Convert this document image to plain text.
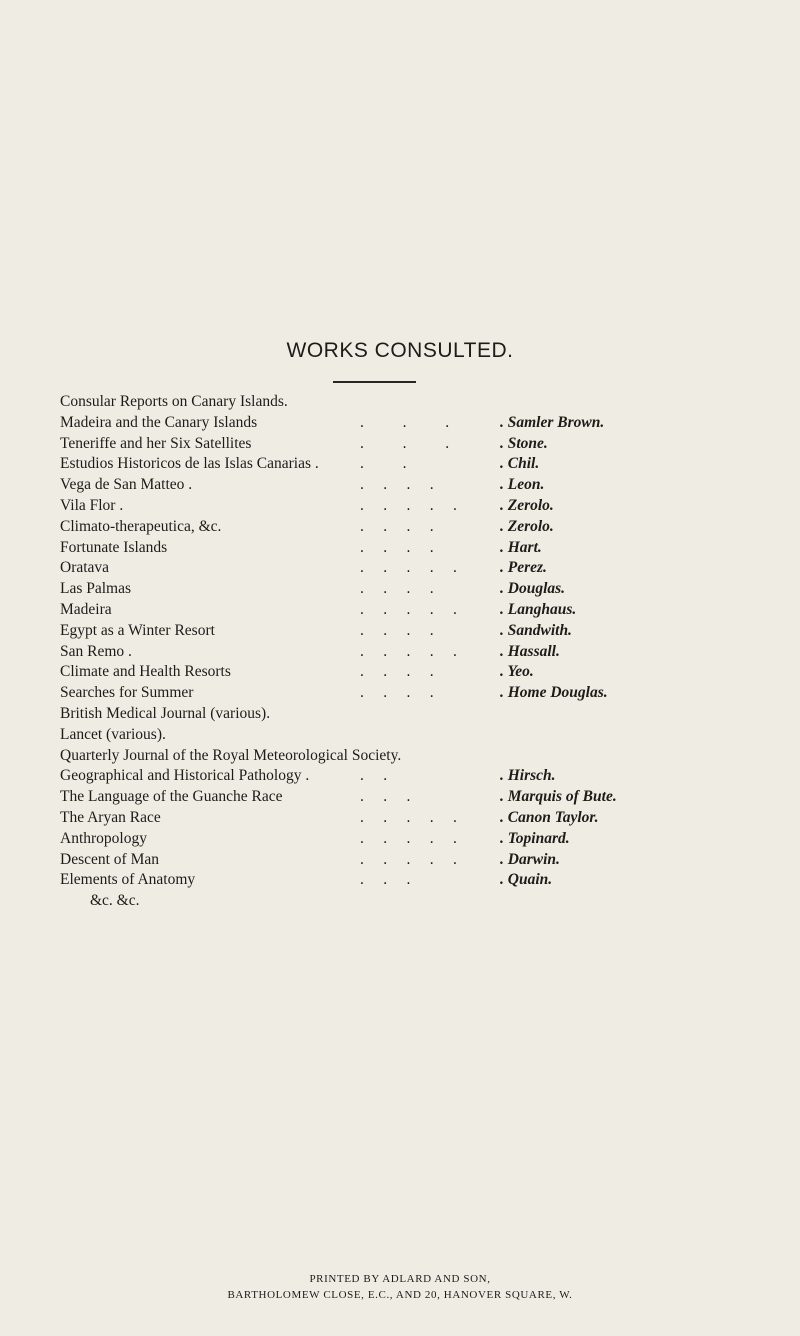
WORKS CONSULTED.
Consular Reports on Canary Islands.
Madeira and the Canary Islands	.          .          .	. Samler Brown.
Teneriffe and her Six Satellites	.          .          .	. Stone.
Estudios Historicos de las Islas Canarias .	.          .	. Chil.
Vega de San Matteo .	.     .     .     .	. Leon.
Vila Flor .	.     .     .     .     .	. Zerolo.
Climato-therapeutica, &c.	.     .     .     .	. Zerolo.
Fortunate Islands	.     .     .     .	. Hart.
Oratava	.     .     .     .     .	. Perez.
Las Palmas	.     .     .     .	. Douglas.
Madeira	.     .     .     .     .	. Langhaus.
Egypt as a Winter Resort	.     .     .     .	. Sandwith.
San Remo .	.     .     .     .     .	. Hassall.
Climate and Health Resorts	.     .     .     .	. Yeo.
Searches for Summer	.     .     .     .	. Home Douglas.
British Medical Journal (various).
Lancet (various).
Quarterly Journal of the Royal Meteorological Society.
Geographical and Historical Pathology .	.     .	. Hirsch.
The Language of the Guanche Race	.     .     .	. Marquis of Bute.
The Aryan Race	.     .     .     .     .	. Canon Taylor.
Anthropology	.     .     .     .     .	. Topinard.
Descent of Man	.     .     .     .     .	. Darwin.
Elements of Anatomy	.     .     .	. Quain.
&c. &c.
PRINTED BY ADLARD AND SON,
BARTHOLOMEW CLOSE, E.C., AND 20, HANOVER SQUARE, W.
